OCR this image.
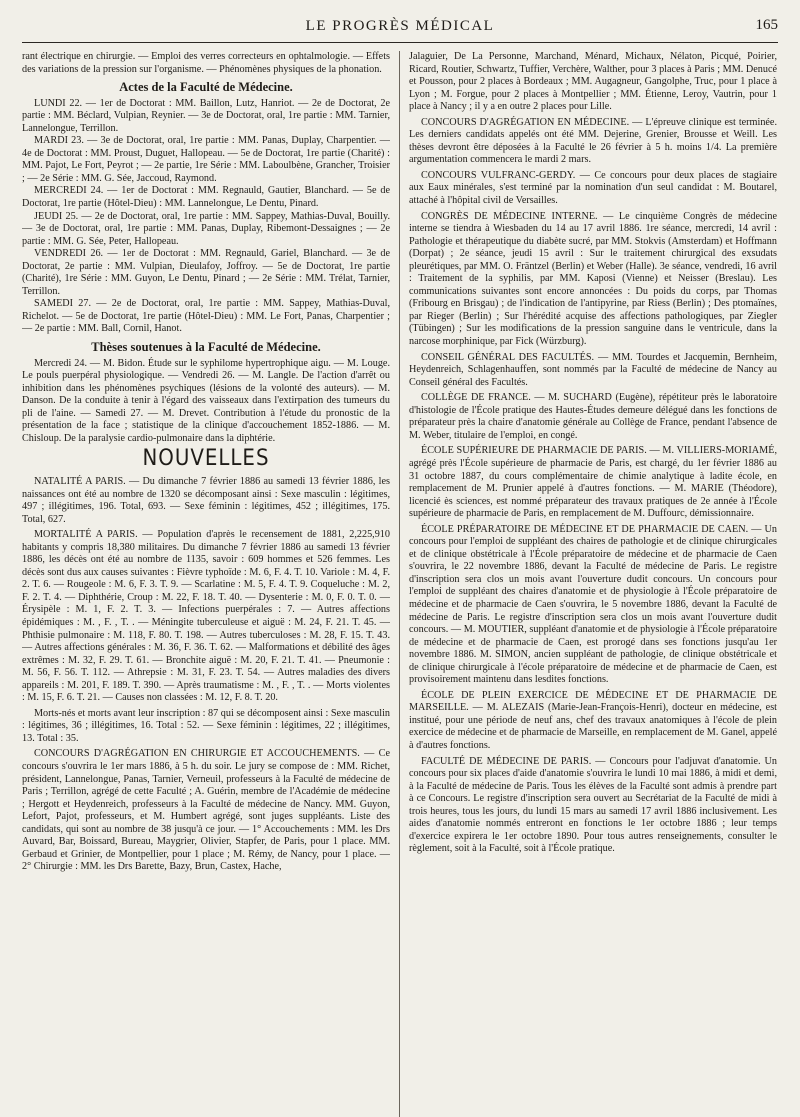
LE PROGRÈS MÉDICAL	165

rant électrique en chirurgie. — Emploi des verres correcteurs en ophtalmologie. — Effets des variations de la pression sur l'organisme. — Phénomènes physiques de la phonation.

Actes de la Faculté de Médecine.

LUNDI 22. — 1er de Doctorat : MM. Baillon, Lutz, Hanriot. — 2e de Doctorat, 2e partie : MM. Béclard, Vulpian, Reynier. — 3e de Doctorat, oral, 1re partie : MM. Tarnier, Lannelongue, Terrillon.

MARDI 23. — 3e de Doctorat, oral, 1re partie : MM. Panas, Duplay, Charpentier. — 4e de Doctorat : MM. Proust, Duguet, Hallopeau. — 5e de Doctorat, 1re partie (Charité) : MM. Pajot, Le Fort, Peyrot ; — 2e partie, 1re Série : MM. Laboulbène, Grancher, Troisier ; — 2e Série : MM. G. Sée, Jaccoud, Raymond.

MERCREDI 24. — 1er de Doctorat : MM. Regnauld, Gautier, Blanchard. — 5e de Doctorat, 1re partie (Hôtel-Dieu) : MM. Lannelongue, Le Dentu, Pinard.

JEUDI 25. — 2e de Doctorat, oral, 1re partie : MM. Sappey, Mathias-Duval, Bouilly. — 3e de Doctorat, oral, 1re partie : MM. Panas, Duplay, Ribemont-Dessaignes ; — 2e partie : MM. G. Sée, Peter, Hallopeau.

VENDREDI 26. — 1er de Doctorat : MM. Regnauld, Gariel, Blanchard. — 3e de Doctorat, 2e partie : MM. Vulpian, Dieulafoy, Joffroy. — 5e de Doctorat, 1re partie (Charité), 1re Série : MM. Guyon, Le Dentu, Pinard ; — 2e Série : MM. Trélat, Tarnier, Terrillon.

SAMEDI 27. — 2e de Doctorat, oral, 1re partie : MM. Sappey, Mathias-Duval, Richelot. — 5e de Doctorat, 1re partie (Hôtel-Dieu) : MM. Le Fort, Panas, Charpentier ; — 2e partie : MM. Ball, Cornil, Hanot.

Thèses soutenues à la Faculté de Médecine.

Mercredi 24. — M. Bidon. Étude sur le syphilome hypertrophique aigu. — M. Louge. Le pouls puerpéral physiologique. — Vendredi 26. — M. Langle. De l'action d'arrêt ou inhibition dans les phénomènes psychiques (lésions de la volonté des auteurs). — M. Danson. De la conduite à tenir à l'égard des vaisseaux dans l'extirpation des tumeurs du pli de l'aine. — Samedi 27. — M. Drevet. Contribution à l'étude du pronostic de la présentation de la face ; statistique de la clinique d'accouchement 1852-1886. — M. Chisloup. De la paralysie cardio-pulmonaire dans la diphtérie.

NOUVELLES

NATALITÉ A PARIS. — Du dimanche 7 février 1886 au samedi 13 février 1886, les naissances ont été au nombre de 1320 se décomposant ainsi : Sexe masculin : légitimes, 497 ; illégitimes, 196. Total, 693. — Sexe féminin : légitimes, 452 ; illégitimes, 175. Total, 627.

MORTALITÉ A PARIS. — Population d'après le recensement de 1881, 2,225,910 habitants y compris 18,380 militaires. Du dimanche 7 février 1886 au samedi 13 février 1886, les décès ont été au nombre de 1135, savoir : 609 hommes et 526 femmes. Les décès sont dus aux causes suivantes : Fièvre typhoïde : M. 6, F. 4. T. 10. Variole : M. 4, F. 2. T. 6. — Rougeole : M. 6, F. 3. T. 9. — Scarlatine : M. 5, F. 4. T. 9. Coqueluche : M. 2, F. 2. T. 4. — Diphthérie, Croup : M. 22, F. 18. T. 40. — Dysenterie : M. 0, F. 0. T. 0. — Érysipèle : M. 1, F. 2. T. 3. — Infections puerpérales : 7. — Autres affections épidémiques : M. , F. , T. . — Méningite tuberculeuse et aiguë : M. 24, F. 21. T. 45. — Phthisie pulmonaire : M. 118, F. 80. T. 198. — Autres tuberculoses : M. 28, F. 15. T. 43. — Autres affections générales : M. 36, F. 36. T. 62. — Malformations et débilité des âges extrêmes : M. 32, F. 29. T. 61. — Bronchite aiguë : M. 20, F. 21. T. 41. — Pneumonie : M. 56, F. 56. T. 112. — Athrepsie : M. 31, F. 23. T. 54. — Autres maladies des divers appareils : M. 201, F. 189. T. 390. — Après traumatisme : M. , F. , T. . — Morts violentes : M. 15, F. 6. T. 21. — Causes non classées : M. 12, F. 8. T. 20.

Morts-nés et morts avant leur inscription : 87 qui se décomposent ainsi : Sexe masculin : légitimes, 36 ; illégitimes, 16. Total : 52. — Sexe féminin : légitimes, 22 ; illégitimes, 13. Total : 35.

CONCOURS D'AGRÉGATION EN CHIRURGIE ET ACCOUCHEMENTS. — Ce concours s'ouvrira le 1er mars 1886, à 5 h. du soir. Le jury se compose de : MM. Richet, président, Lannelongue, Panas, Tarnier, Verneuil, professeurs à la Faculté de médecine de Paris ; Terrillon, agrégé de cette Faculté ; A. Guérin, membre de l'Académie de médecine ; Hergott et Heydenreich, professeurs à la Faculté de médecine de Nancy. MM. Guyon, Lefort, Pajot, professeurs, et M. Humbert agrégé, sont juges suppléants. Liste des candidats, qui sont au nombre de 38 jusqu'à ce jour. — 1° Accouchements : MM. les Drs Auvard, Bar, Boissard, Bureau, Maygrier, Olivier, Stapfer, de Paris, pour 1 place. MM. Gerbaud et Grinier, de Montpellier, pour 1 place ; M. Rémy, de Nancy, pour 1 place. — 2° Chirurgie : MM. les Drs Barette, Bazy, Brun, Castex, Hache,

Jalaguier, De La Personne, Marchand, Ménard, Michaux, Nélaton, Picqué, Poirier, Ricard, Routier, Schwartz, Tuffier, Verchère, Walther, pour 3 places à Paris ; MM. Denucé et Pousson, pour 2 places à Bordeaux ; MM. Augagneur, Gangolphe, Truc, pour 1 place à Lyon ; M. Forgue, pour 2 places à Montpellier ; MM. Étienne, Leroy, Vautrin, pour 1 place à Nancy ; il y a en outre 2 places pour Lille.

CONCOURS D'AGRÉGATION EN MÉDECINE. — L'épreuve clinique est terminée. Les derniers candidats appelés ont été MM. Dejerine, Grenier, Brousse et Weill. Les thèses devront être déposées à la Faculté le 26 février à 5 h. moins 1/4. La première argumentation commencera le mardi 2 mars.

CONCOURS VULFRANC-GERDY. — Ce concours pour deux places de stagiaire aux Eaux minérales, s'est terminé par la nomination d'un seul candidat : M. Boutarel, attaché à l'hôpital civil de Versailles.

CONGRÈS DE MÉDECINE INTERNE. — Le cinquième Congrès de médecine interne se tiendra à Wiesbaden du 14 au 17 avril 1886. 1re séance, mercredi, 14 avril : Pathologie et thérapeutique du diabète sucré, par MM. Stokvis (Amsterdam) et Hoffmann (Dorpat) ; 2e séance, jeudi 15 avril : Sur le traitement chirurgical des exsudats pleurétiques, par MM. O. Fräntzel (Berlin) et Weber (Halle). 3e séance, vendredi, 16 avril : Traitement de la syphilis, par MM. Kaposi (Vienne) et Neisser (Breslau). Les communications suivantes sont encore annoncées : Du poids du corps, par Thomas (Fribourg en Brisgau) ; de l'indication de l'antipyrine, par Riess (Berlin) ; Des ptomaïnes, par Rieger (Berlin) ; Sur l'hérédité acquise des affections pathologiques, par Ziegler (Tübingen) ; Sur les modifications de la pression sanguine dans le ventricule, dans la narcose morphinique, par Fick (Würzburg).

CONSEIL GÉNÉRAL DES FACULTÉS. — MM. Tourdes et Jacquemin, Bernheim, Heydenreich, Schlagenhauffen, sont nommés par la Faculté de médecine de Nancy au Conseil général des Facultés.

COLLÈGE DE FRANCE. — M. SUCHARD (Eugène), répétiteur près le laboratoire d'histologie de l'École pratique des Hautes-Études demeure délégué dans les fonctions de préparateur près la chaire d'anatomie générale au Collège de France, pendant l'absence de M. Weber, titulaire de l'emploi, en congé.

ÉCOLE SUPÉRIEURE DE PHARMACIE DE PARIS. — M. VILLIERS-MORIAMÉ, agrégé près l'École supérieure de pharmacie de Paris, est chargé, du 1er février 1886 au 31 octobre 1887, du cours complémentaire de chimie analytique à ladite école, en remplacement de M. Prunier appelé à d'autres fonctions. — M. MARIE (Théodore), licencié ès sciences, est nommé préparateur des travaux pratiques de 2e année à l'École supérieure de pharmacie de Paris, en remplacement de M. Duffourc, démissionnaire.

ÉCOLE PRÉPARATOIRE DE MÉDECINE ET DE PHARMACIE DE CAEN. — Un concours pour l'emploi de suppléant des chaires de pathologie et de clinique chirurgicales et de clinique obstétricale à l'École préparatoire de médecine et de pharmacie de Caen s'ouvrira, le 22 novembre 1886, devant la Faculté de médecine de Paris. Le registre d'inscription sera clos un mois avant l'ouverture dudit concours. Un concours pour l'emploi de suppléant des chaires d'anatomie et de physiologie à l'École préparatoire de médecine et de pharmacie de Caen s'ouvrira, le 5 novembre 1886, devant la Faculté de médecine de Paris. Le registre d'inscription sera clos un mois avant l'ouverture dudit concours. — M. MOUTIER, suppléant d'anatomie et de physiologie à l'École préparatoire de médecine et de pharmacie de Caen, est prorogé dans ses fonctions jusqu'au 1er novembre 1886. M. SIMON, ancien suppléant de pathologie, de clinique obstétricale et de clinique chirurgicale à l'école préparatoire de médecine et de pharmacie de Caen, est provisoirement maintenu dans lesdites fonctions.

ÉCOLE DE PLEIN EXERCICE DE MÉDECINE ET DE PHARMACIE DE MARSEILLE. — M. ALEZAIS (Marie-Jean-François-Henri), docteur en médecine, est institué, pour une période de neuf ans, chef des travaux anatomiques à l'école de plein exercice de médecine et de pharmacie de Marseille, en remplacement de M. Ganel, appelé à d'autres fonctions.

FACULTÉ DE MÉDECINE DE PARIS. — Concours pour l'adjuvat d'anatomie. Un concours pour six places d'aide d'anatomie s'ouvrira le lundi 10 mai 1886, à midi et demi, à la Faculté de médecine de Paris. Tous les élèves de la Faculté sont admis à prendre part à ce Concours. Le registre d'inscription sera ouvert au Secrétariat de la Faculté de midi à trois heures, tous les jours, du lundi 15 mars au samedi 17 avril 1886 inclusivement. Les aides d'anatomie nommés entreront en fonctions le 1er octobre 1886 ; leur temps d'exercice expirera le 1er octobre 1890. Pour tous autres renseignements, consulter le règlement, soit à la Faculté, soit à l'École pratique.
